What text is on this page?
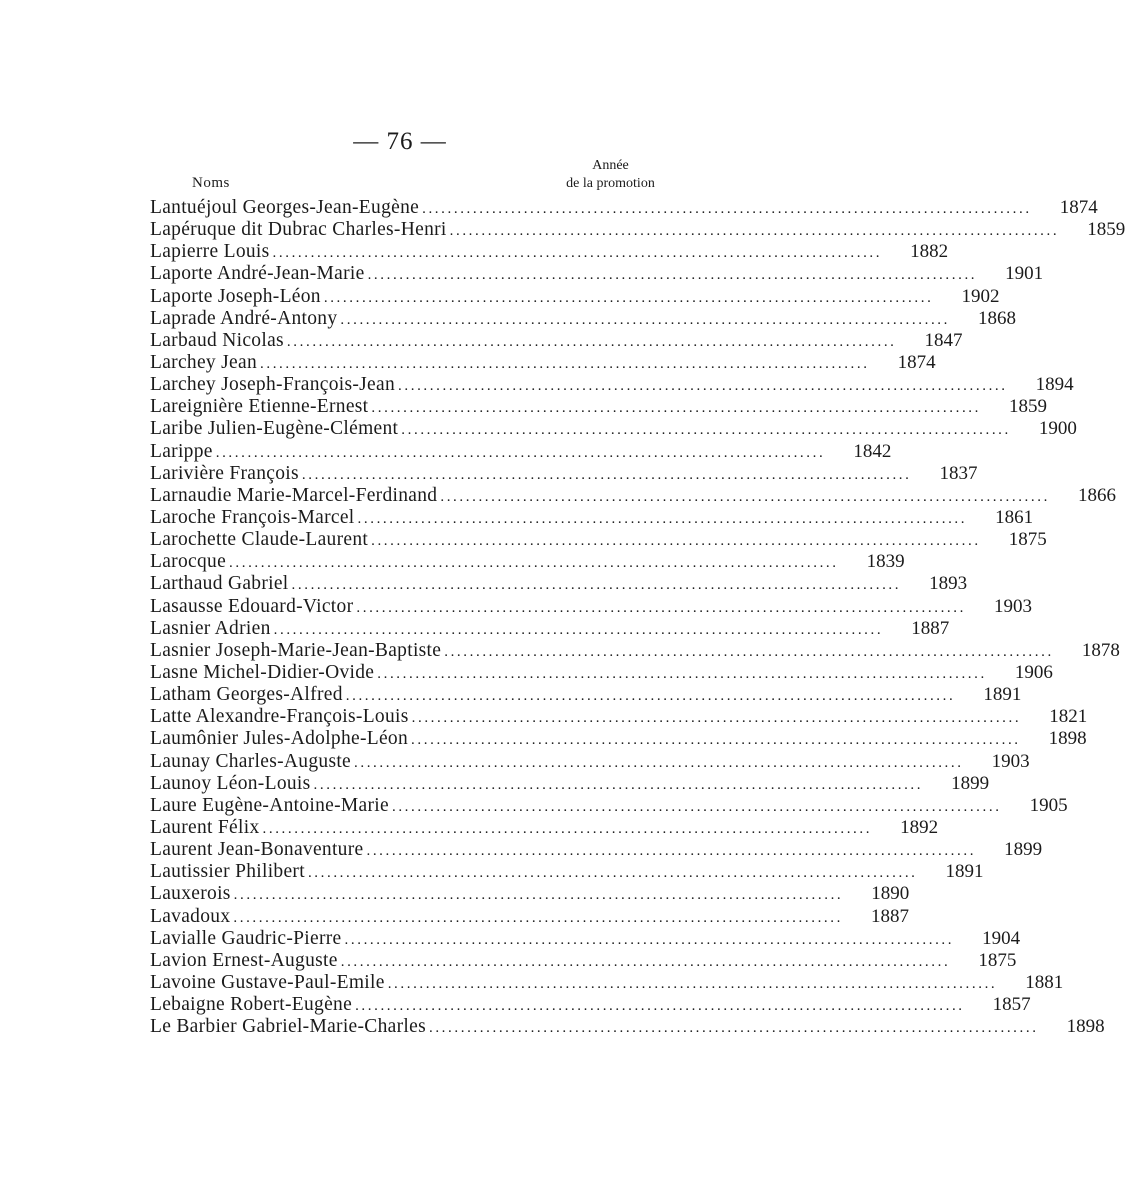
— 76 —
Noms
Année
de la promotion
Lantuéjoul Georges-Jean-Eugène .....	1874
Lapéruque dit Dubrac Charles-Henri .....	1859
Lapierre Louis .....	1882
Laporte André-Jean-Marie .....	1901
Laporte Joseph-Léon .....	1902
Laprade André-Antony .....	1868
Larbaud Nicolas .....	1847
Larchey Jean .....	1874
Larchey Joseph-François-Jean .....	1894
Lareignière Etienne-Ernest .....	1859
Laribe Julien-Eugène-Clément .....	1900
Larippe .....	1842
Larivière François .....	1837
Larnaudie Marie-Marcel-Ferdinand .....	1866
Laroche François-Marcel .....	1861
Larochette Claude-Laurent .....	1875
Larocque .....	1839
Larthaud Gabriel .....	1893
Lasausse Edouard-Victor .....	1903
Lasnier Adrien .....	1887
Lasnier Joseph-Marie-Jean-Baptiste .....	1878
Lasne Michel-Didier-Ovide .....	1906
Latham Georges-Alfred .....	1891
Latte Alexandre-François-Louis .....	1821
Laumônier Jules-Adolphe-Léon .....	1898
Launay Charles-Auguste .....	1903
Launoy Léon-Louis .....	1899
Laure Eugène-Antoine-Marie .....	1905
Laurent Félix .....	1892
Laurent Jean-Bonaventure .....	1899
Lautissier Philibert .....	1891
Lauxerois .....	1890
Lavadoux .....	1887
Lavialle Gaudric-Pierre .....	1904
Lavion Ernest-Auguste .....	1875
Lavoine Gustave-Paul-Emile .....	1881
Lebaigne Robert-Eugène .....	1857
Le Barbier Gabriel-Marie-Charles .....	1898
